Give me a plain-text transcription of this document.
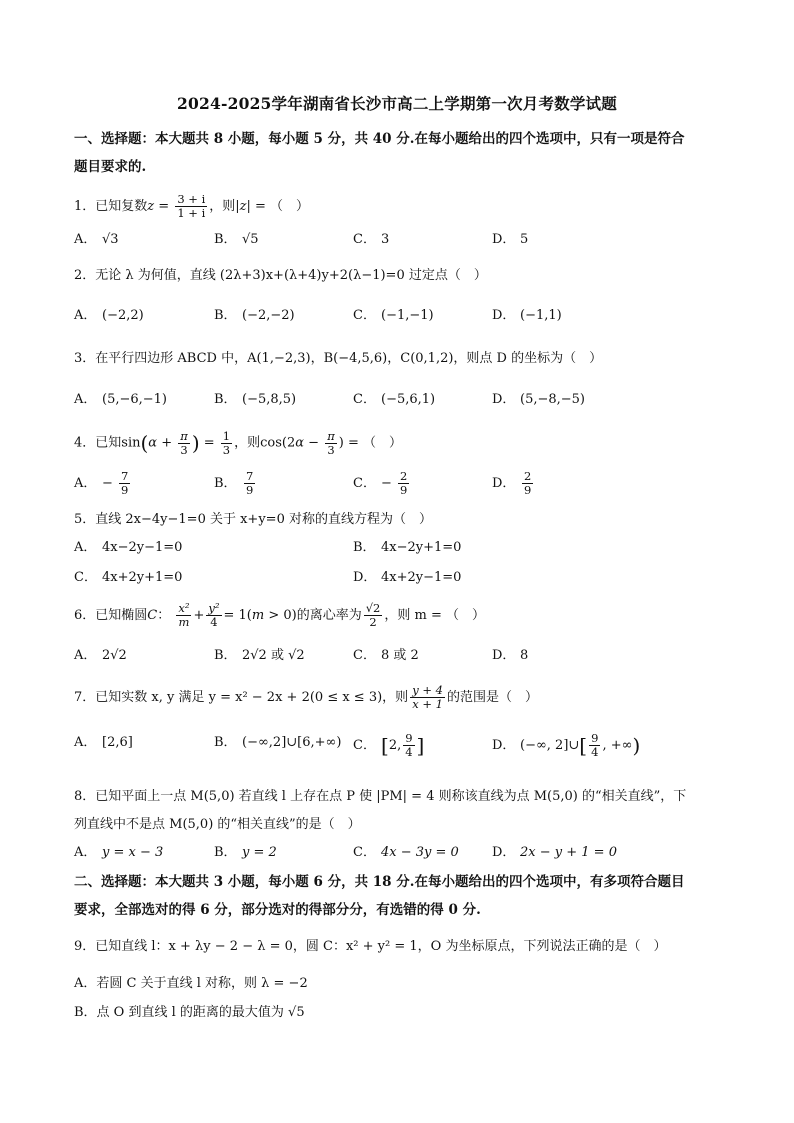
2024-2025学年湖南省长沙市高二上学期第一次月考数学试题
一、选择题：本大题共 8 小题，每小题 5 分，共 40 分.在每小题给出的四个选项中，只有一项是符合
题目要求的.
1．已知复数$z = \frac{3 + i}{1 + i}$ ，则|z| = （　）
A． √3	B． √5	C． 3	D． 5
2．无论 λ 为何值，直线 (2λ+3)x+(λ+4)y+2(λ−1)=0 过定点（　）
A． (−2,2)	B． (−2,−2)	C． (−1,−1)	D． (−1,1)
3．在平行四边形 ABCD 中，A(1,−2,3)，B(−4,5,6)，C(0,1,2)，则点 D 的坐标为（　）
A． (5,−6,−1)	B． (−5,8,5)	C． (−5,6,1)	D． (5,−8,−5)
4．已知$\sin(\alpha + \frac{\pi}{3}$ ) = $\frac{1}{3}$ ，则$\cos(2\alpha - \frac{\pi}{3}$ ) = （　）
A． − $\frac{7}{9}$	B． $\frac{7}{9}$	C． − $\frac{2}{9}$	D． $\frac{2}{9}$
5．直线 2x−4y−1=0 关于 x+y=0 对称的直线方程为（　）
A． 4x−2y−1=0	B． 4x−2y+1=0
C． 4x+2y+1=0	D． 4x+2y−1=0
6．已知椭圆C： $\frac{\text{x²}}{m} + \frac{\text{y²}}{4} = 1(m > 0)$的离心率为 $\frac{√2}{2}$ ，则 m = （　）
A． 2√2	B． 2√2 或 √2	C． 8 或 2	D． 8
7．已知实数 x, y 满足 y = x² − 2x + 2(0 ≤ x ≤ 3)，则 $\frac{y + 4}{x + 1}$ 的范围是（　）
A． [2,6]	B． (−∞,2]∪[6,+∞) C． [2, $\frac{9}{4}$ ]	D． (−∞, 2]∪[ $\frac{9}{4}$ , +∞)
8．已知平面上一点 M(5,0) 若直线 l 上存在点 P 使 |PM| = 4 则称该直线为点 M(5,0) 的“相关直线”，下
列直线中不是点 M(5,0) 的“相关直线”的是（　）
A． y = x − 3	B． y = 2	C． 4x − 3y = 0	D． 2x − y + 1 = 0
二、选择题：本大题共 3 小题，每小题 6 分，共 18 分.在每小题给出的四个选项中，有多项符合题目
要求，全部选对的得 6 分，部分选对的得部分分，有选错的得 0 分.
9．已知直线 l：x + λy − 2 − λ = 0，圆 C：x² + y² = 1，O 为坐标原点，下列说法正确的是（　）
A．若圆 C 关于直线 l 对称，则 λ = −2
B．点 O 到直线 l 的距离的最大值为 √5
